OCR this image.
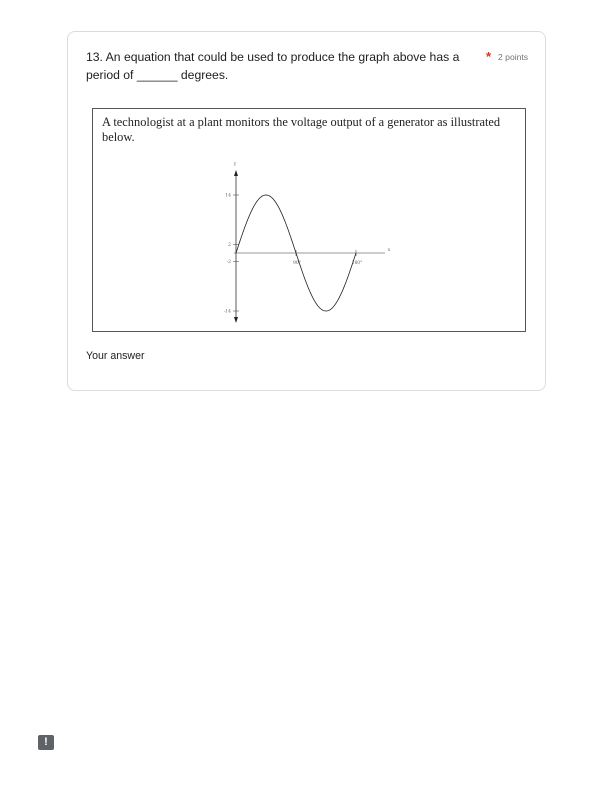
13. An equation that could be used to produce the graph above has a
period of ______ degrees.
* 2 points
A technologist at a plant monitors the voltage output of a generator as illustrated below.
x
y
14
2
-2
-14
90°	180°
Your answer
!
